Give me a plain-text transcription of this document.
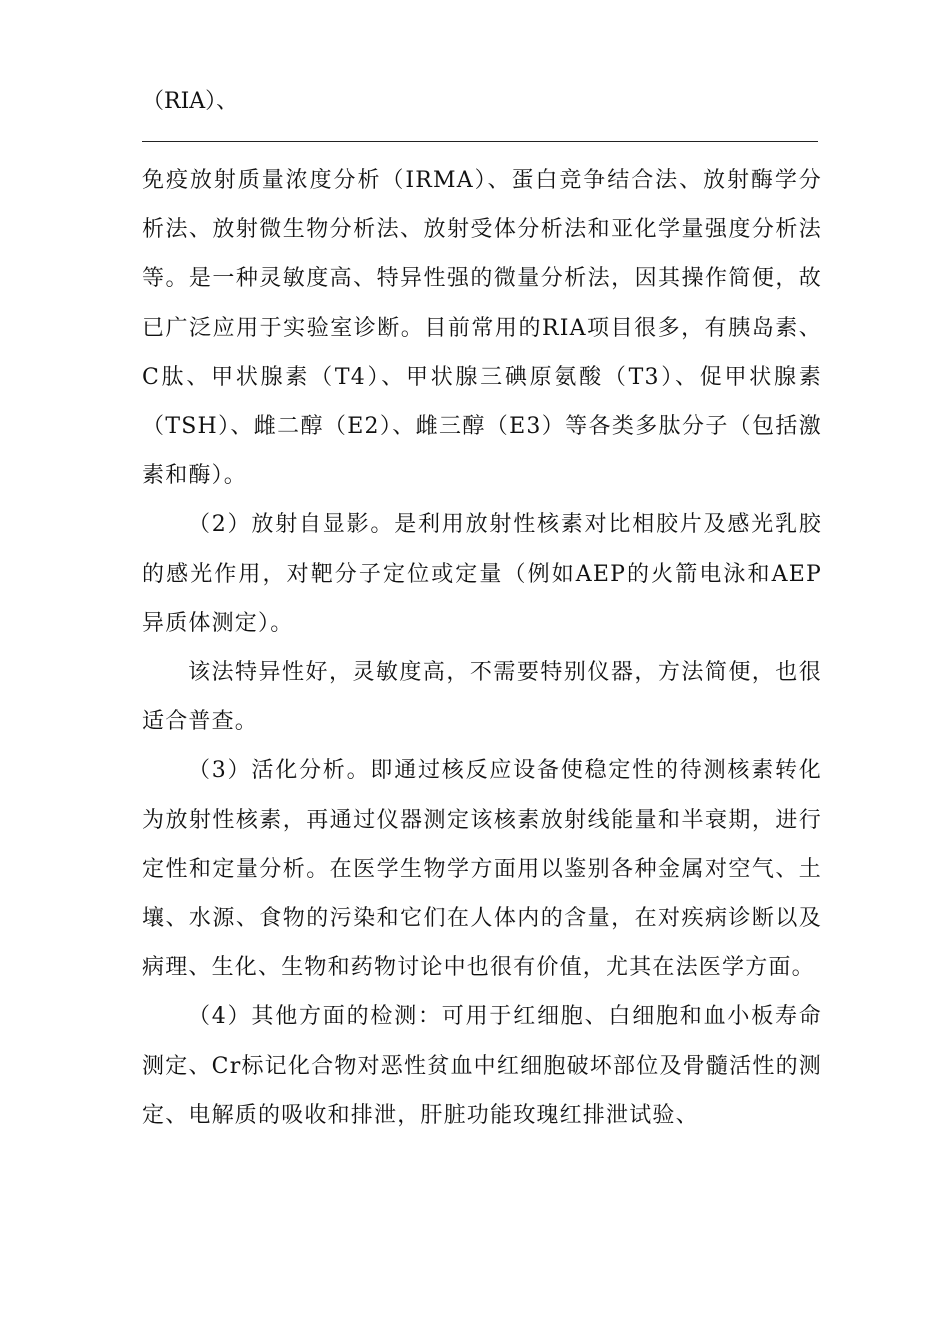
（RIA）、

免疫放射质量浓度分析（IRMA）、蛋白竞争结合法、放射酶学分析法、放射微生物分析法、放射受体分析法和亚化学量强度分析法等。是一种灵敏度高、特异性强的微量分析法，因其操作简便，故已广泛应用于实验室诊断。目前常用的RIA项目很多，有胰岛素、C肽、甲状腺素（T4）、甲状腺三碘原氨酸（T3）、促甲状腺素（TSH）、雌二醇（E2）、雌三醇（E3）等各类多肽分子（包括激素和酶）。

（2）放射自显影。是利用放射性核素对比相胶片及感光乳胶的感光作用，对靶分子定位或定量（例如AEP的火箭电泳和AEP异质体测定）。

该法特异性好，灵敏度高，不需要特别仪器，方法简便，也很适合普查。

（3）活化分析。即通过核反应设备使稳定性的待测核素转化为放射性核素，再通过仪器测定该核素放射线能量和半衰期，进行定性和定量分析。在医学生物学方面用以鉴别各种金属对空气、土壤、水源、食物的污染和它们在人体内的含量，在对疾病诊断以及病理、生化、生物和药物讨论中也很有价值，尤其在法医学方面。

（4）其他方面的检测：可用于红细胞、白细胞和血小板寿命测定、Cr标记化合物对恶性贫血中红细胞破坏部位及骨髓活性的测定、电解质的吸收和排泄，肝脏功能玫瑰红排泄试验、
